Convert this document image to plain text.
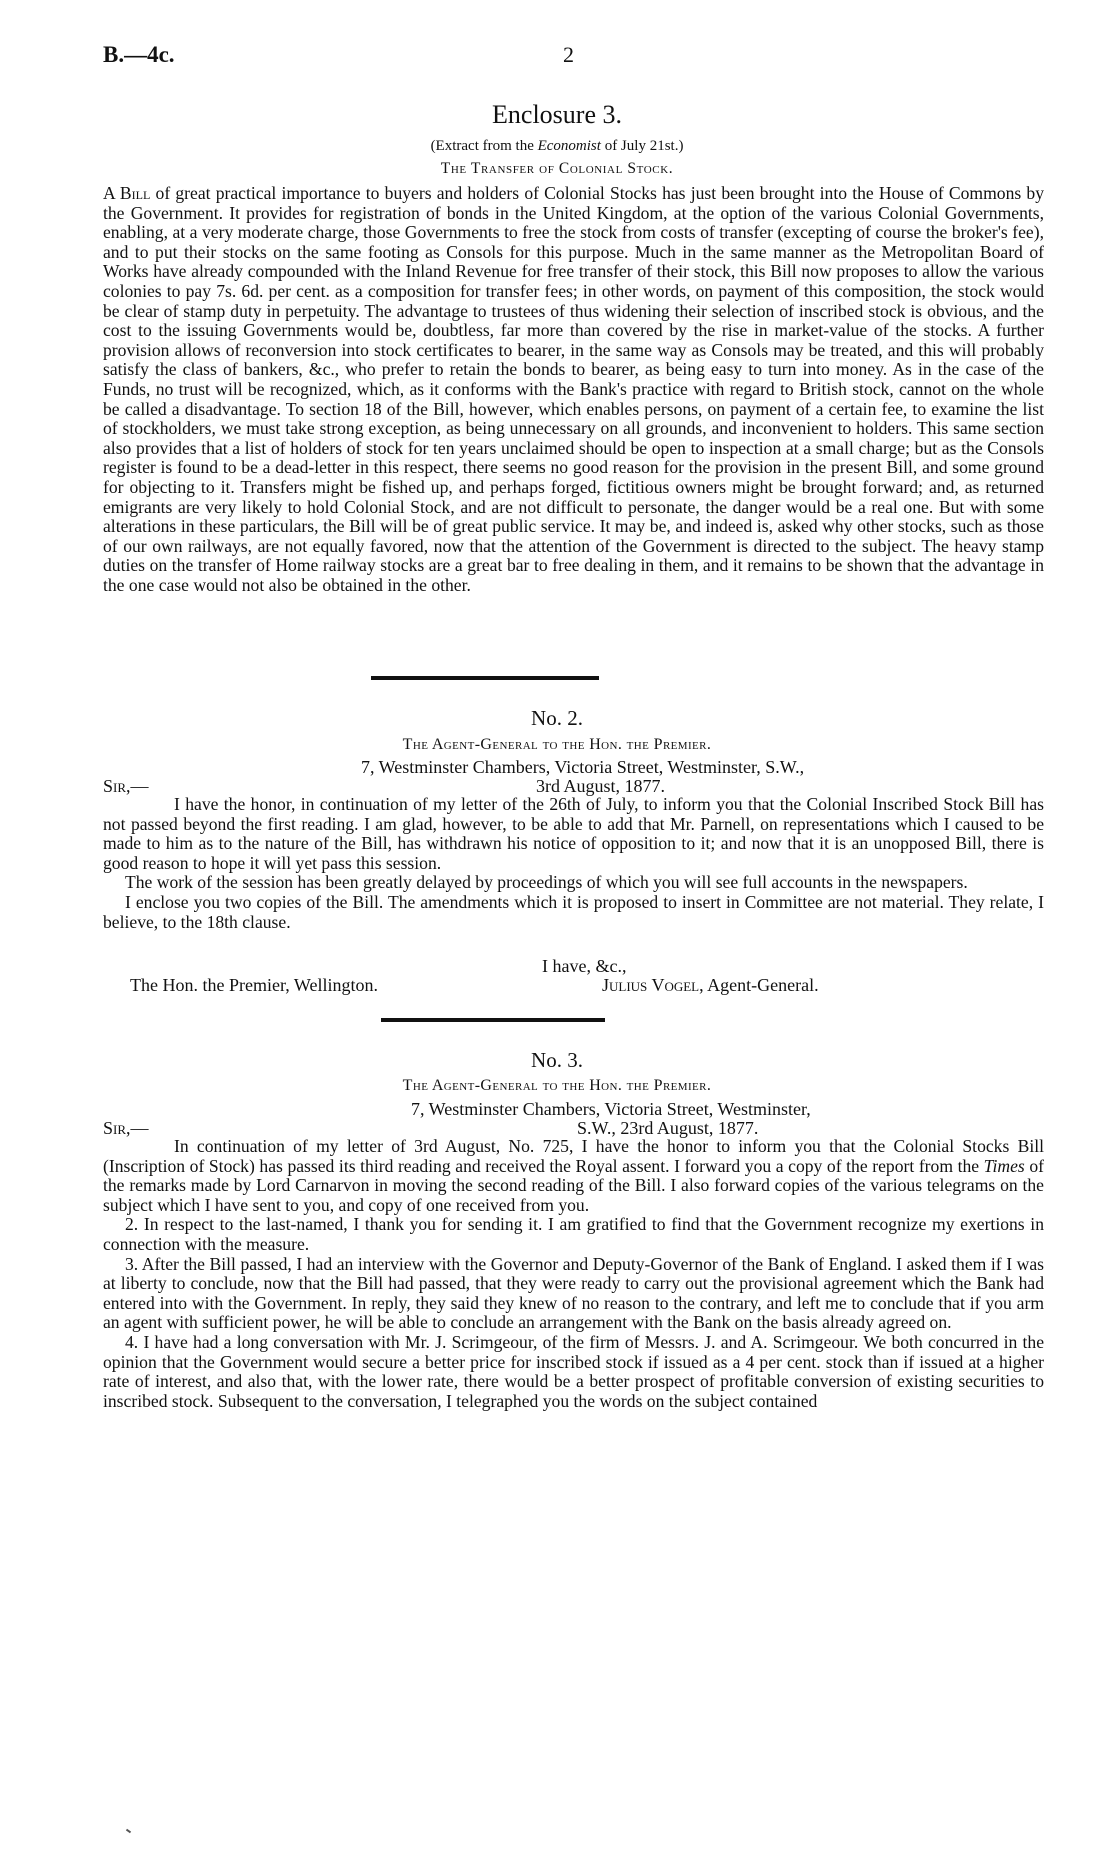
B.—4c.	2
Enclosure 3.
(Extract from the Economist of July 21st.)
The Transfer of Colonial Stock.

A Bill of great practical importance to buyers and holders of Colonial Stocks has just been brought into the House of Commons by the Government. It provides for registration of bonds in the United Kingdom, at the option of the various Colonial Governments, enabling, at a very moderate charge, those Governments to free the stock from costs of transfer (excepting of course the broker's fee), and to put their stocks on the same footing as Consols for this purpose. Much in the same manner as the Metropolitan Board of Works have already compounded with the Inland Revenue for free transfer of their stock, this Bill now proposes to allow the various colonies to pay 7s. 6d. per cent. as a composition for transfer fees; in other words, on payment of this composition, the stock would be clear of stamp duty in perpetuity. The advantage to trustees of thus widening their selection of inscribed stock is obvious, and the cost to the issuing Governments would be, doubtless, far more than covered by the rise in market-value of the stocks. A further provision allows of reconversion into stock certificates to bearer, in the same way as Consols may be treated, and this will probably satisfy the class of bankers, &c., who prefer to retain the bonds to bearer, as being easy to turn into money. As in the case of the Funds, no trust will be recognized, which, as it conforms with the Bank's practice with regard to British stock, cannot on the whole be called a disadvantage. To section 18 of the Bill, however, which enables persons, on payment of a certain fee, to examine the list of stockholders, we must take strong exception, as being unnecessary on all grounds, and inconvenient to holders. This same section also provides that a list of holders of stock for ten years unclaimed should be open to inspection at a small charge; but as the Consols register is found to be a dead-letter in this respect, there seems no good reason for the provision in the present Bill, and some ground for objecting to it. Transfers might be fished up, and perhaps forged, fictitious owners might be brought forward; and, as returned emigrants are very likely to hold Colonial Stock, and are not difficult to personate, the danger would be a real one. But with some alterations in these particulars, the Bill will be of great public service. It may be, and indeed is, asked why other stocks, such as those of our own railways, are not equally favored, now that the attention of the Government is directed to the subject. The heavy stamp duties on the transfer of Home railway stocks are a great bar to free dealing in them, and it remains to be shown that the advantage in the one case would not also be obtained in the other.

No. 2.
The Agent-General to the Hon. the Premier.
7, Westminster Chambers, Victoria Street, Westminster, S.W.,
Sir,—	3rd August, 1877.

I have the honor, in continuation of my letter of the 26th of July, to inform you that the Colonial Inscribed Stock Bill has not passed beyond the first reading. I am glad, however, to be able to add that Mr. Parnell, on representations which I caused to be made to him as to the nature of the Bill, has withdrawn his notice of opposition to it; and now that it is an unopposed Bill, there is good reason to hope it will yet pass this session.

The work of the session has been greatly delayed by proceedings of which you will see full accounts in the newspapers.

I enclose you two copies of the Bill. The amendments which it is proposed to insert in Committee are not material. They relate, I believe, to the 18th clause.

I have, &c.,
The Hon. the Premier, Wellington.	Julius Vogel, Agent-General.
No. 3.
The Agent-General to the Hon. the Premier.
7, Westminster Chambers, Victoria Street, Westminster,
Sir,—	S.W., 23rd August, 1877.

In continuation of my letter of 3rd August, No. 725, I have the honor to inform you that the Colonial Stocks Bill (Inscription of Stock) has passed its third reading and received the Royal assent. I forward you a copy of the report from the Times of the remarks made by Lord Carnarvon in moving the second reading of the Bill. I also forward copies of the various telegrams on the subject which I have sent to you, and copy of one received from you.

2. In respect to the last-named, I thank you for sending it. I am gratified to find that the Government recognize my exertions in connection with the measure.

3. After the Bill passed, I had an interview with the Governor and Deputy-Governor of the Bank of England. I asked them if I was at liberty to conclude, now that the Bill had passed, that they were ready to carry out the provisional agreement which the Bank had entered into with the Government. In reply, they said they knew of no reason to the contrary, and left me to conclude that if you arm an agent with sufficient power, he will be able to conclude an arrangement with the Bank on the basis already agreed on.

4. I have had a long conversation with Mr. J. Scrimgeour, of the firm of Messrs. J. and A. Scrimgeour. We both concurred in the opinion that the Government would secure a better price for inscribed stock if issued as a 4 per cent. stock than if issued at a higher rate of interest, and also that, with the lower rate, there would be a better prospect of profitable conversion of existing securities to inscribed stock. Subsequent to the conversation, I telegraphed you the words on the subject contained
